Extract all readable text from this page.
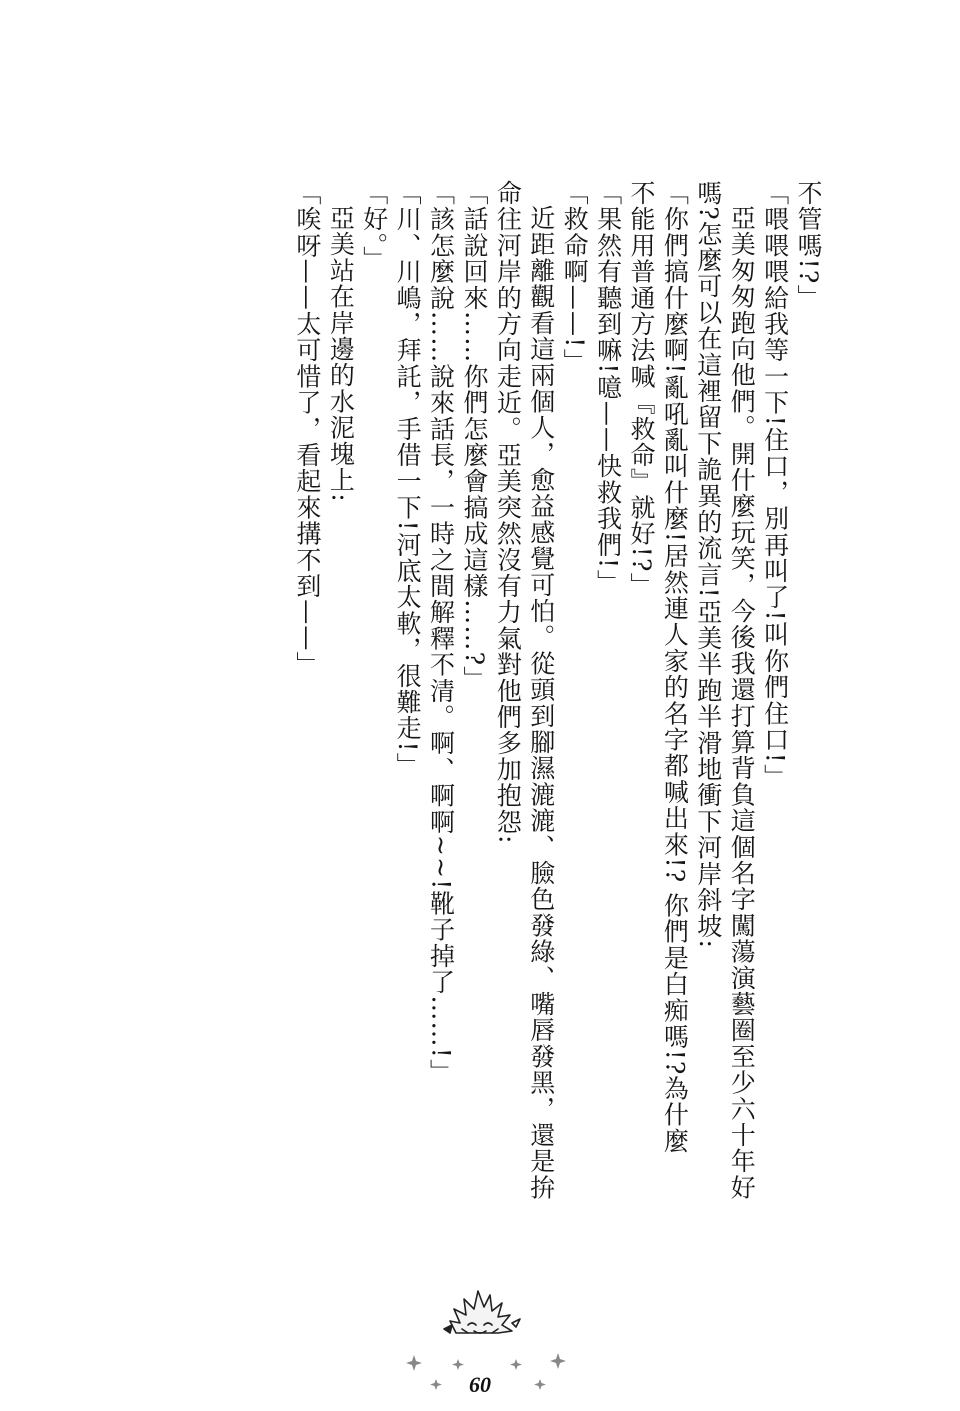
不管嗎!?」

「喂喂喂給我等一下!住口，別再叫了!叫你們住口!」

亞美匆匆跑向他們。開什麼玩笑，今後我還打算背負這個名字闖蕩演藝圈至少六十年好

嗎?怎麼可以在這裡留下詭異的流言!亞美半跑半滑地衝下河岸斜坡:

「你們搞什麼啊!亂吼亂叫什麼!居然連人家的名字都喊出來!? 你們是白痴嗎!?為什麼

不能用普通方法喊『救命』就好!?」

「果然有聽到嘛!噫——快救我們!」

「救命啊——!」

近距離觀看這兩個人，愈益感覺可怕。從頭到腳濕漉漉、臉色發綠、嘴唇發黑，還是拚

命往河岸的方向走近。亞美突然沒有力氣對他們多加抱怨:

「話說回來……你們怎麼會搞成這樣……?」

「該怎麼說……說來話長，一時之間解釋不清。啊、啊啊~~!靴子掉了……!」

「川、川嶋，拜託，手借一下!河底太軟，很難走!」

「好。」

亞美站在岸邊的水泥塊上:

「唉呀——太可惜了，看起來搆不到——」

60
